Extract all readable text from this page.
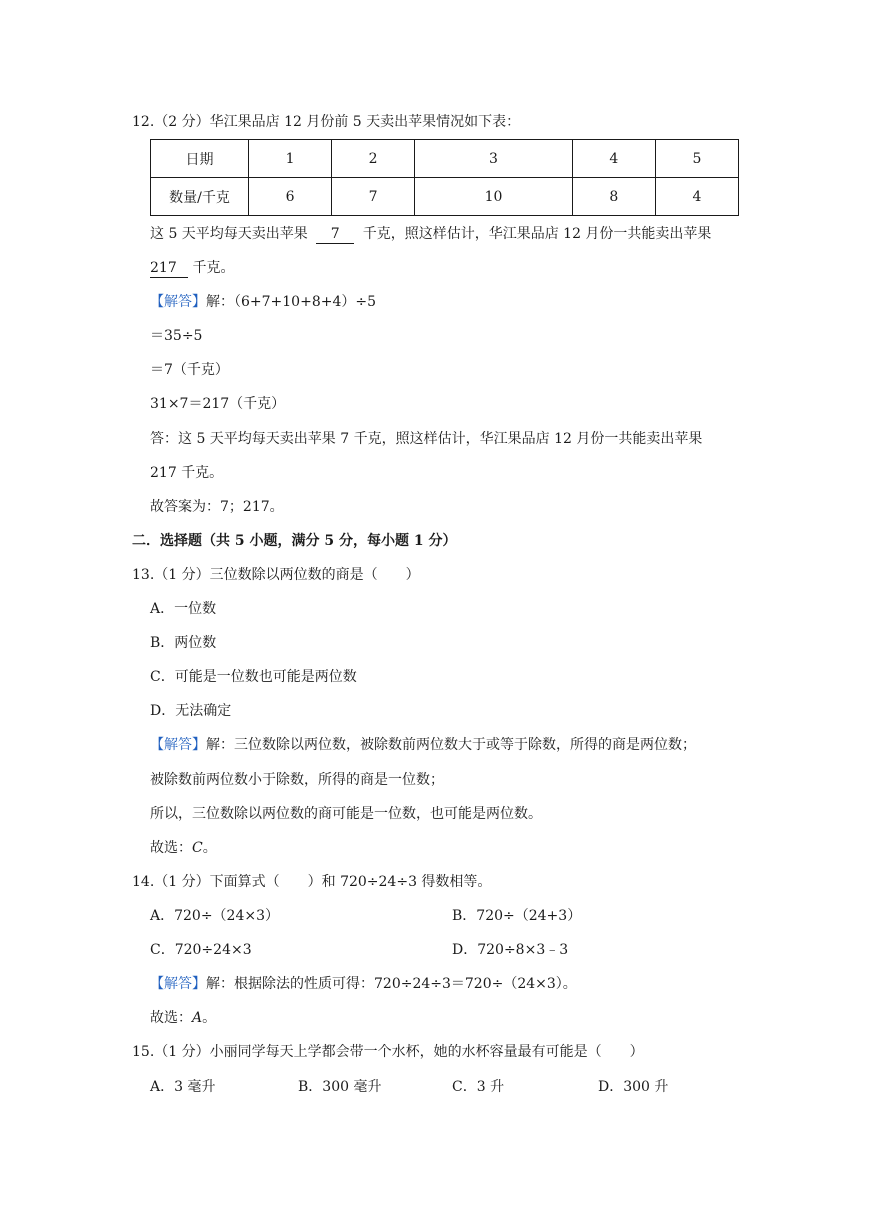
12.（2 分）华江果品店 12 月份前 5 天卖出苹果情况如下表：
日期	1	2	3	4	5
数量/千克	6	7	10	8	4
这 5 天平均每天卖出苹果 7 千克，照这样估计，华江果品店 12 月份一共能卖出苹果
217 千克。
【解答】解：（6+7+10+8+4）÷5
＝35÷5
＝7（千克）
31×7＝217（千克）
答：这 5 天平均每天卖出苹果 7 千克，照这样估计，华江果品店 12 月份一共能卖出苹果
217 千克。
故答案为：7；217。
二．选择题（共 5 小题，满分 5 分，每小题 1 分）
13.（1 分）三位数除以两位数的商是（　　）
A．一位数
B．两位数
C．可能是一位数也可能是两位数
D．无法确定
【解答】解：三位数除以两位数，被除数前两位数大于或等于除数，所得的商是两位数；
被除数前两位数小于除数，所得的商是一位数；
所以，三位数除以两位数的商可能是一位数，也可能是两位数。
故选：C。
14.（1 分）下面算式（　　）和 720÷24÷3 得数相等。
A．720÷（24×3）	B．720÷（24+3）
C．720÷24×3	D．720÷8×3﹣3
【解答】解：根据除法的性质可得：720÷24÷3＝720÷（24×3）。
故选：A。
15.（1 分）小丽同学每天上学都会带一个水杯，她的水杯容量最有可能是（　　）
A．3 毫升	B．300 毫升	C．3 升	D．300 升
